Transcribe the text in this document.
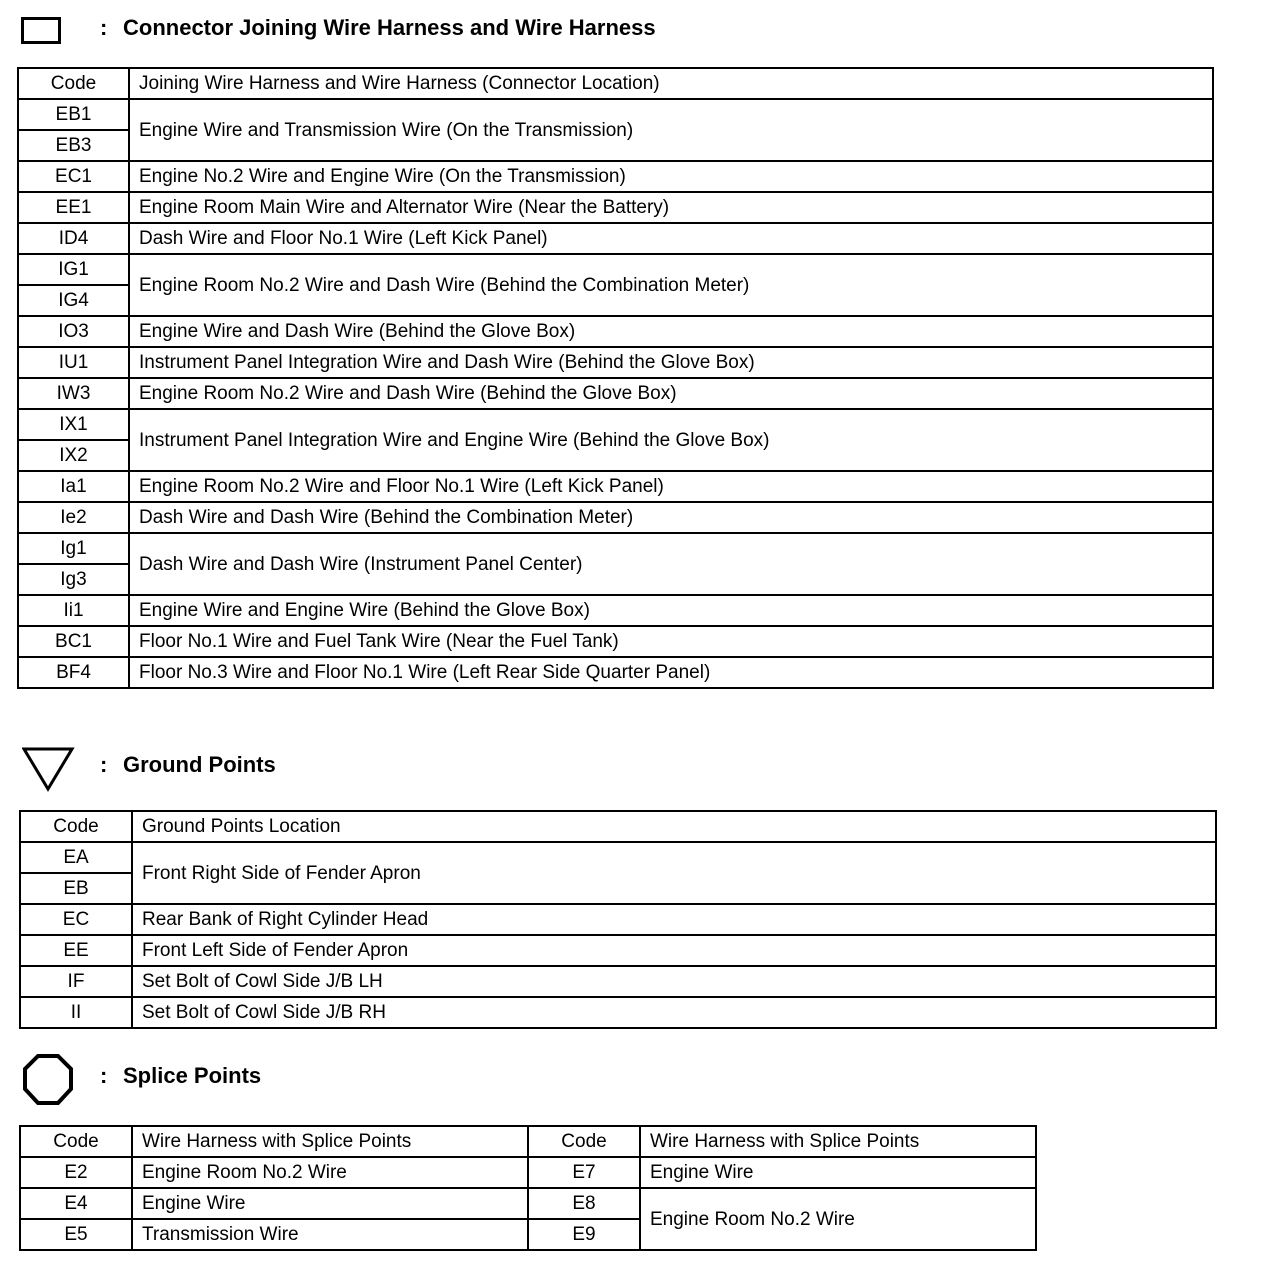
: Connector Joining Wire Harness and Wire Harness
Code	Joining Wire Harness and Wire Harness (Connector Location)
EB1	Engine Wire and Transmission Wire (On the Transmission)
EB3	
EC1	Engine No.2 Wire and Engine Wire (On the Transmission)
EE1	Engine Room Main Wire and Alternator Wire (Near the Battery)
ID4	Dash Wire and Floor No.1 Wire (Left Kick Panel)
IG1	Engine Room No.2 Wire and Dash Wire (Behind the Combination Meter)
IG4	
IO3	Engine Wire and Dash Wire (Behind the Glove Box)
IU1	Instrument Panel Integration Wire and Dash Wire (Behind the Glove Box)
IW3	Engine Room No.2 Wire and Dash Wire (Behind the Glove Box)
IX1	Instrument Panel Integration Wire and Engine Wire (Behind the Glove Box)
IX2	
Ia1	Engine Room No.2 Wire and Floor No.1 Wire (Left Kick Panel)
Ie2	Dash Wire and Dash Wire (Behind the Combination Meter)
Ig1	Dash Wire and Dash Wire (Instrument Panel Center)
Ig3	
Ii1	Engine Wire and Engine Wire (Behind the Glove Box)
BC1	Floor No.1 Wire and Fuel Tank Wire (Near the Fuel Tank)
BF4	Floor No.3 Wire and Floor No.1 Wire (Left Rear Side Quarter Panel)
: Ground Points
Code	Ground Points Location
EA	Front Right Side of Fender Apron
EB	
EC	Rear Bank of Right Cylinder Head
EE	Front Left Side of Fender Apron
IF	Set Bolt of Cowl Side J/B LH
II	Set Bolt of Cowl Side J/B RH
: Splice Points
Code	Wire Harness with Splice Points	Code	Wire Harness with Splice Points
E2	Engine Room No.2 Wire	E7	Engine Wire
E4	Engine Wire	E8	Engine Room No.2 Wire
E5	Transmission Wire	E9	
